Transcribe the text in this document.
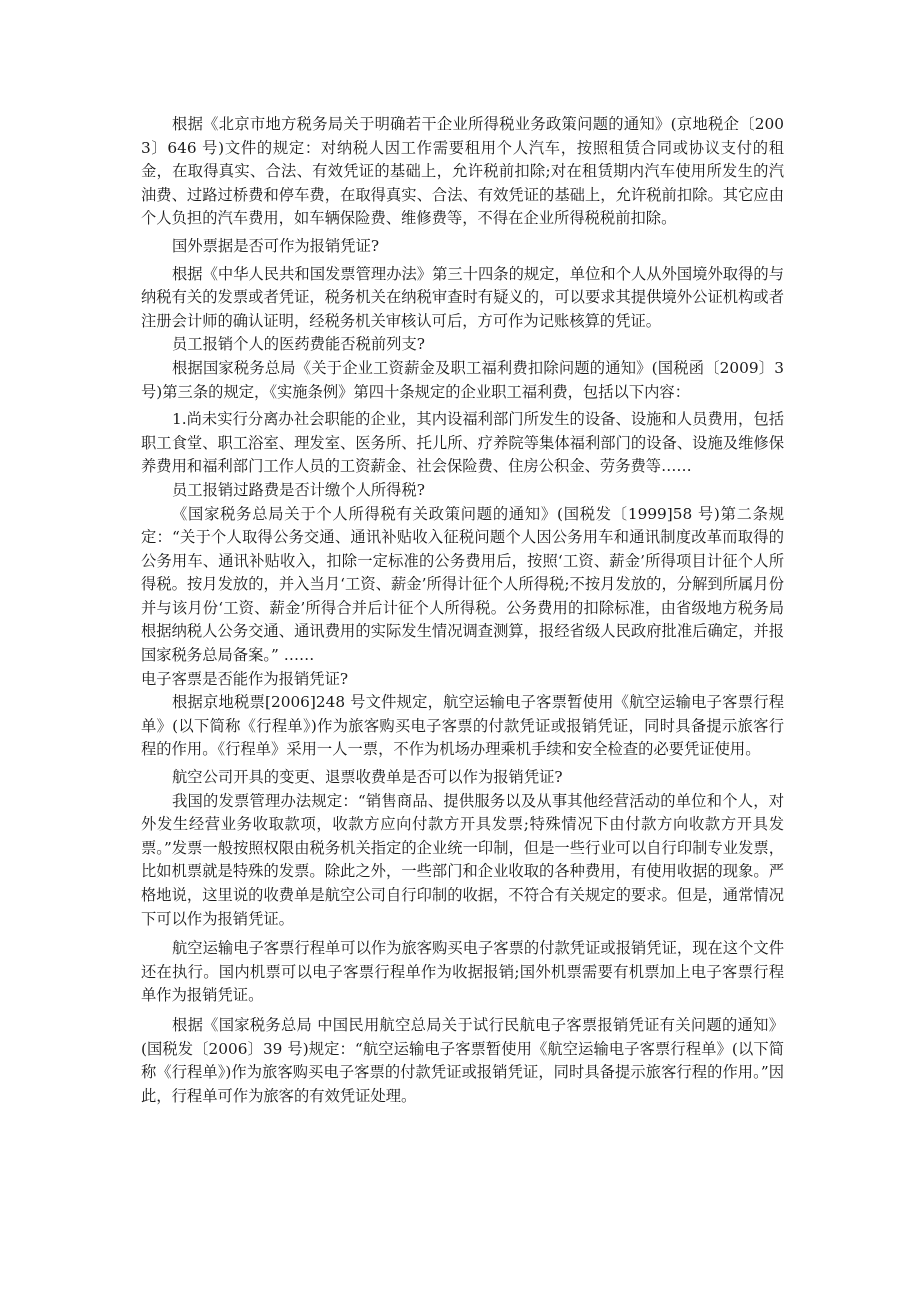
根据《北京市地方税务局关于明确若干企业所得税业务政策问题的通知》(京地税企〔2003〕646 号)文件的规定：对纳税人因工作需要租用个人汽车，按照租赁合同或协议支付的租金，在取得真实、合法、有效凭证的基础上，允许税前扣除;对在租赁期内汽车使用所发生的汽油费、过路过桥费和停车费，在取得真实、合法、有效凭证的基础上，允许税前扣除。其它应由个人负担的汽车费用，如车辆保险费、维修费等，不得在企业所得税税前扣除。

国外票据是否可作为报销凭证?

根据《中华人民共和国发票管理办法》第三十四条的规定，单位和个人从外国境外取得的与纳税有关的发票或者凭证，税务机关在纳税审查时有疑义的，可以要求其提供境外公证机构或者注册会计师的确认证明，经税务机关审核认可后，方可作为记账核算的凭证。

员工报销个人的医药费能否税前列支?

根据国家税务总局《关于企业工资薪金及职工福利费扣除问题的通知》(国税函〔2009〕3 号)第三条的规定，《实施条例》第四十条规定的企业职工福利费，包括以下内容：

1.尚未实行分离办社会职能的企业，其内设福利部门所发生的设备、设施和人员费用，包括职工食堂、职工浴室、理发室、医务所、托儿所、疗养院等集体福利部门的设备、设施及维修保养费用和福利部门工作人员的工资薪金、社会保险费、住房公积金、劳务费等……

员工报销过路费是否计缴个人所得税?

《国家税务总局关于个人所得税有关政策问题的通知》(国税发〔1999]58 号)第二条规定：“关于个人取得公务交通、通讯补贴收入征税问题个人因公务用车和通讯制度改革而取得的公务用车、通讯补贴收入，扣除一定标准的公务费用后，按照‘工资、薪金’所得项目计征个人所得税。按月发放的，并入当月‘工资、薪金’所得计征个人所得税;不按月发放的，分解到所属月份并与该月份‘工资、薪金’所得合并后计征个人所得税。公务费用的扣除标准，由省级地方税务局根据纳税人公务交通、通讯费用的实际发生情况调查测算，报经省级人民政府批准后确定，并报国家税务总局备案。” ……

电子客票是否能作为报销凭证?

根据京地税票[2006]248 号文件规定，航空运输电子客票暂使用《航空运输电子客票行程单》(以下简称《行程单》)作为旅客购买电子客票的付款凭证或报销凭证，同时具备提示旅客行程的作用。《行程单》采用一人一票，不作为机场办理乘机手续和安全检查的必要凭证使用。

航空公司开具的变更、退票收费单是否可以作为报销凭证?

我国的发票管理办法规定：“销售商品、提供服务以及从事其他经营活动的单位和个人，对外发生经营业务收取款项，收款方应向付款方开具发票;特殊情况下由付款方向收款方开具发票。”发票一般按照权限由税务机关指定的企业统一印制，但是一些行业可以自行印制专业发票，比如机票就是特殊的发票。除此之外，一些部门和企业收取的各种费用，有使用收据的现象。严格地说，这里说的收费单是航空公司自行印制的收据，不符合有关规定的要求。但是，通常情况下可以作为报销凭证。

航空运输电子客票行程单可以作为旅客购买电子客票的付款凭证或报销凭证，现在这个文件还在执行。国内机票可以电子客票行程单作为收据报销;国外机票需要有机票加上电子客票行程单作为报销凭证。

根据《国家税务总局 中国民用航空总局关于试行民航电子客票报销凭证有关问题的通知》(国税发〔2006〕39 号)规定：“航空运输电子客票暂使用《航空运输电子客票行程单》(以下简称《行程单》)作为旅客购买电子客票的付款凭证或报销凭证，同时具备提示旅客行程的作用。”因此，行程单可作为旅客的有效凭证处理。
